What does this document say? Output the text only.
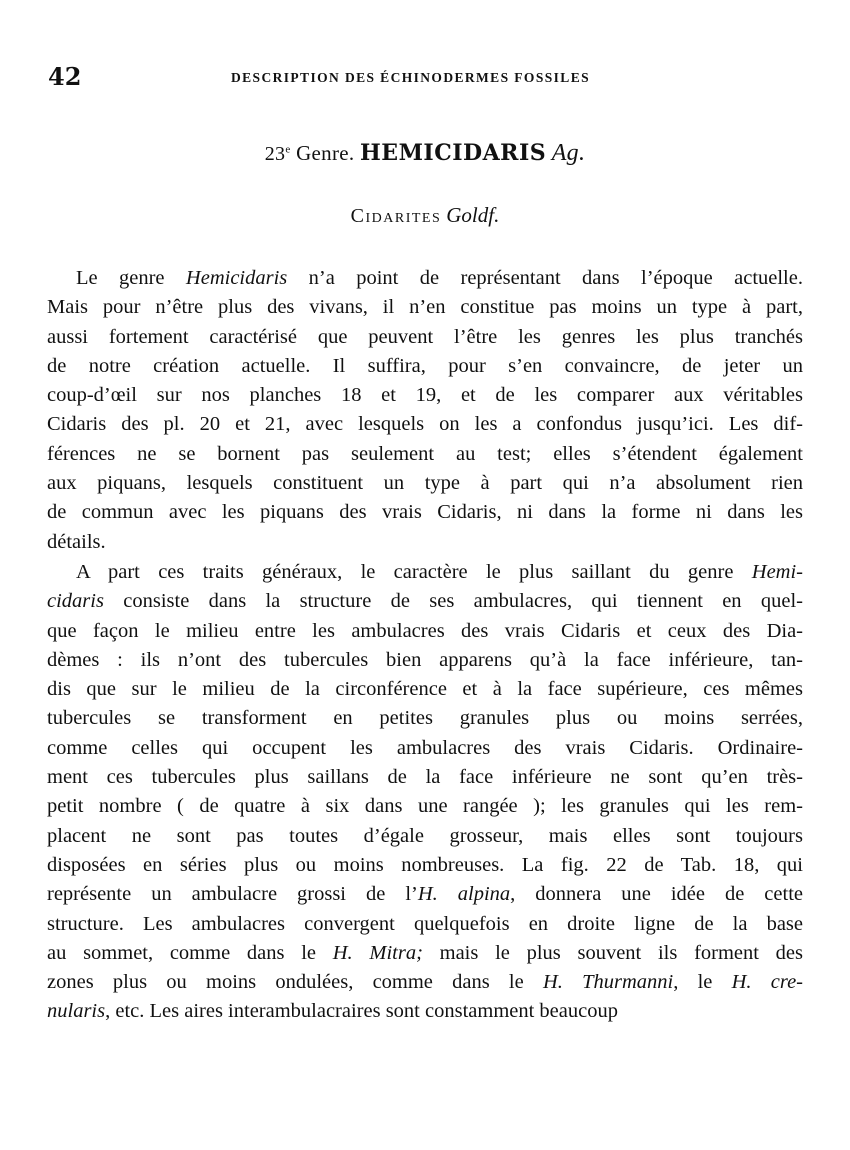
42	DESCRIPTION DES ÉCHINODERMES FOSSILES
23e Genre. HEMICIDARIS Ag.
Cidarites Goldf.
Le genre Hemicidaris n’a point de représentant dans l’époque actuelle.
Mais pour n’être plus des vivans, il n’en constitue pas moins un type à part,
aussi fortement caractérisé que peuvent l’être les genres les plus tranchés
de notre création actuelle. Il suffira, pour s’en convaincre, de jeter un
coup-d’œil sur nos planches 18 et 19, et de les comparer aux véritables
Cidaris des pl. 20 et 21, avec lesquels on les a confondus jusqu’ici. Les dif-
férences ne se bornent pas seulement au test; elles s’étendent également
aux piquans, lesquels constituent un type à part qui n’a absolument rien
de commun avec les piquans des vrais Cidaris, ni dans la forme ni dans les
détails.
A part ces traits généraux, le caractère le plus saillant du genre Hemi-
cidaris consiste dans la structure de ses ambulacres, qui tiennent en quel-
que façon le milieu entre les ambulacres des vrais Cidaris et ceux des Dia-
dèmes : ils n’ont des tubercules bien apparens qu’à la face inférieure, tan-
dis que sur le milieu de la circonférence et à la face supérieure, ces mêmes
tubercules se transforment en petites granules plus ou moins serrées,
comme celles qui occupent les ambulacres des vrais Cidaris. Ordinaire-
ment ces tubercules plus saillans de la face inférieure ne sont qu’en très-
petit nombre ( de quatre à six dans une rangée ); les granules qui les rem-
placent ne sont pas toutes d’égale grosseur, mais elles sont toujours
disposées en séries plus ou moins nombreuses. La fig. 22 de Tab. 18, qui
représente un ambulacre grossi de l’H. alpina, donnera une idée de cette
structure. Les ambulacres convergent quelquefois en droite ligne de la base
au sommet, comme dans le H. Mitra; mais le plus souvent ils forment des
zones plus ou moins ondulées, comme dans le H. Thurmanni, le H. cre-
nularis, etc. Les aires interambulacraires sont constamment beaucoup
